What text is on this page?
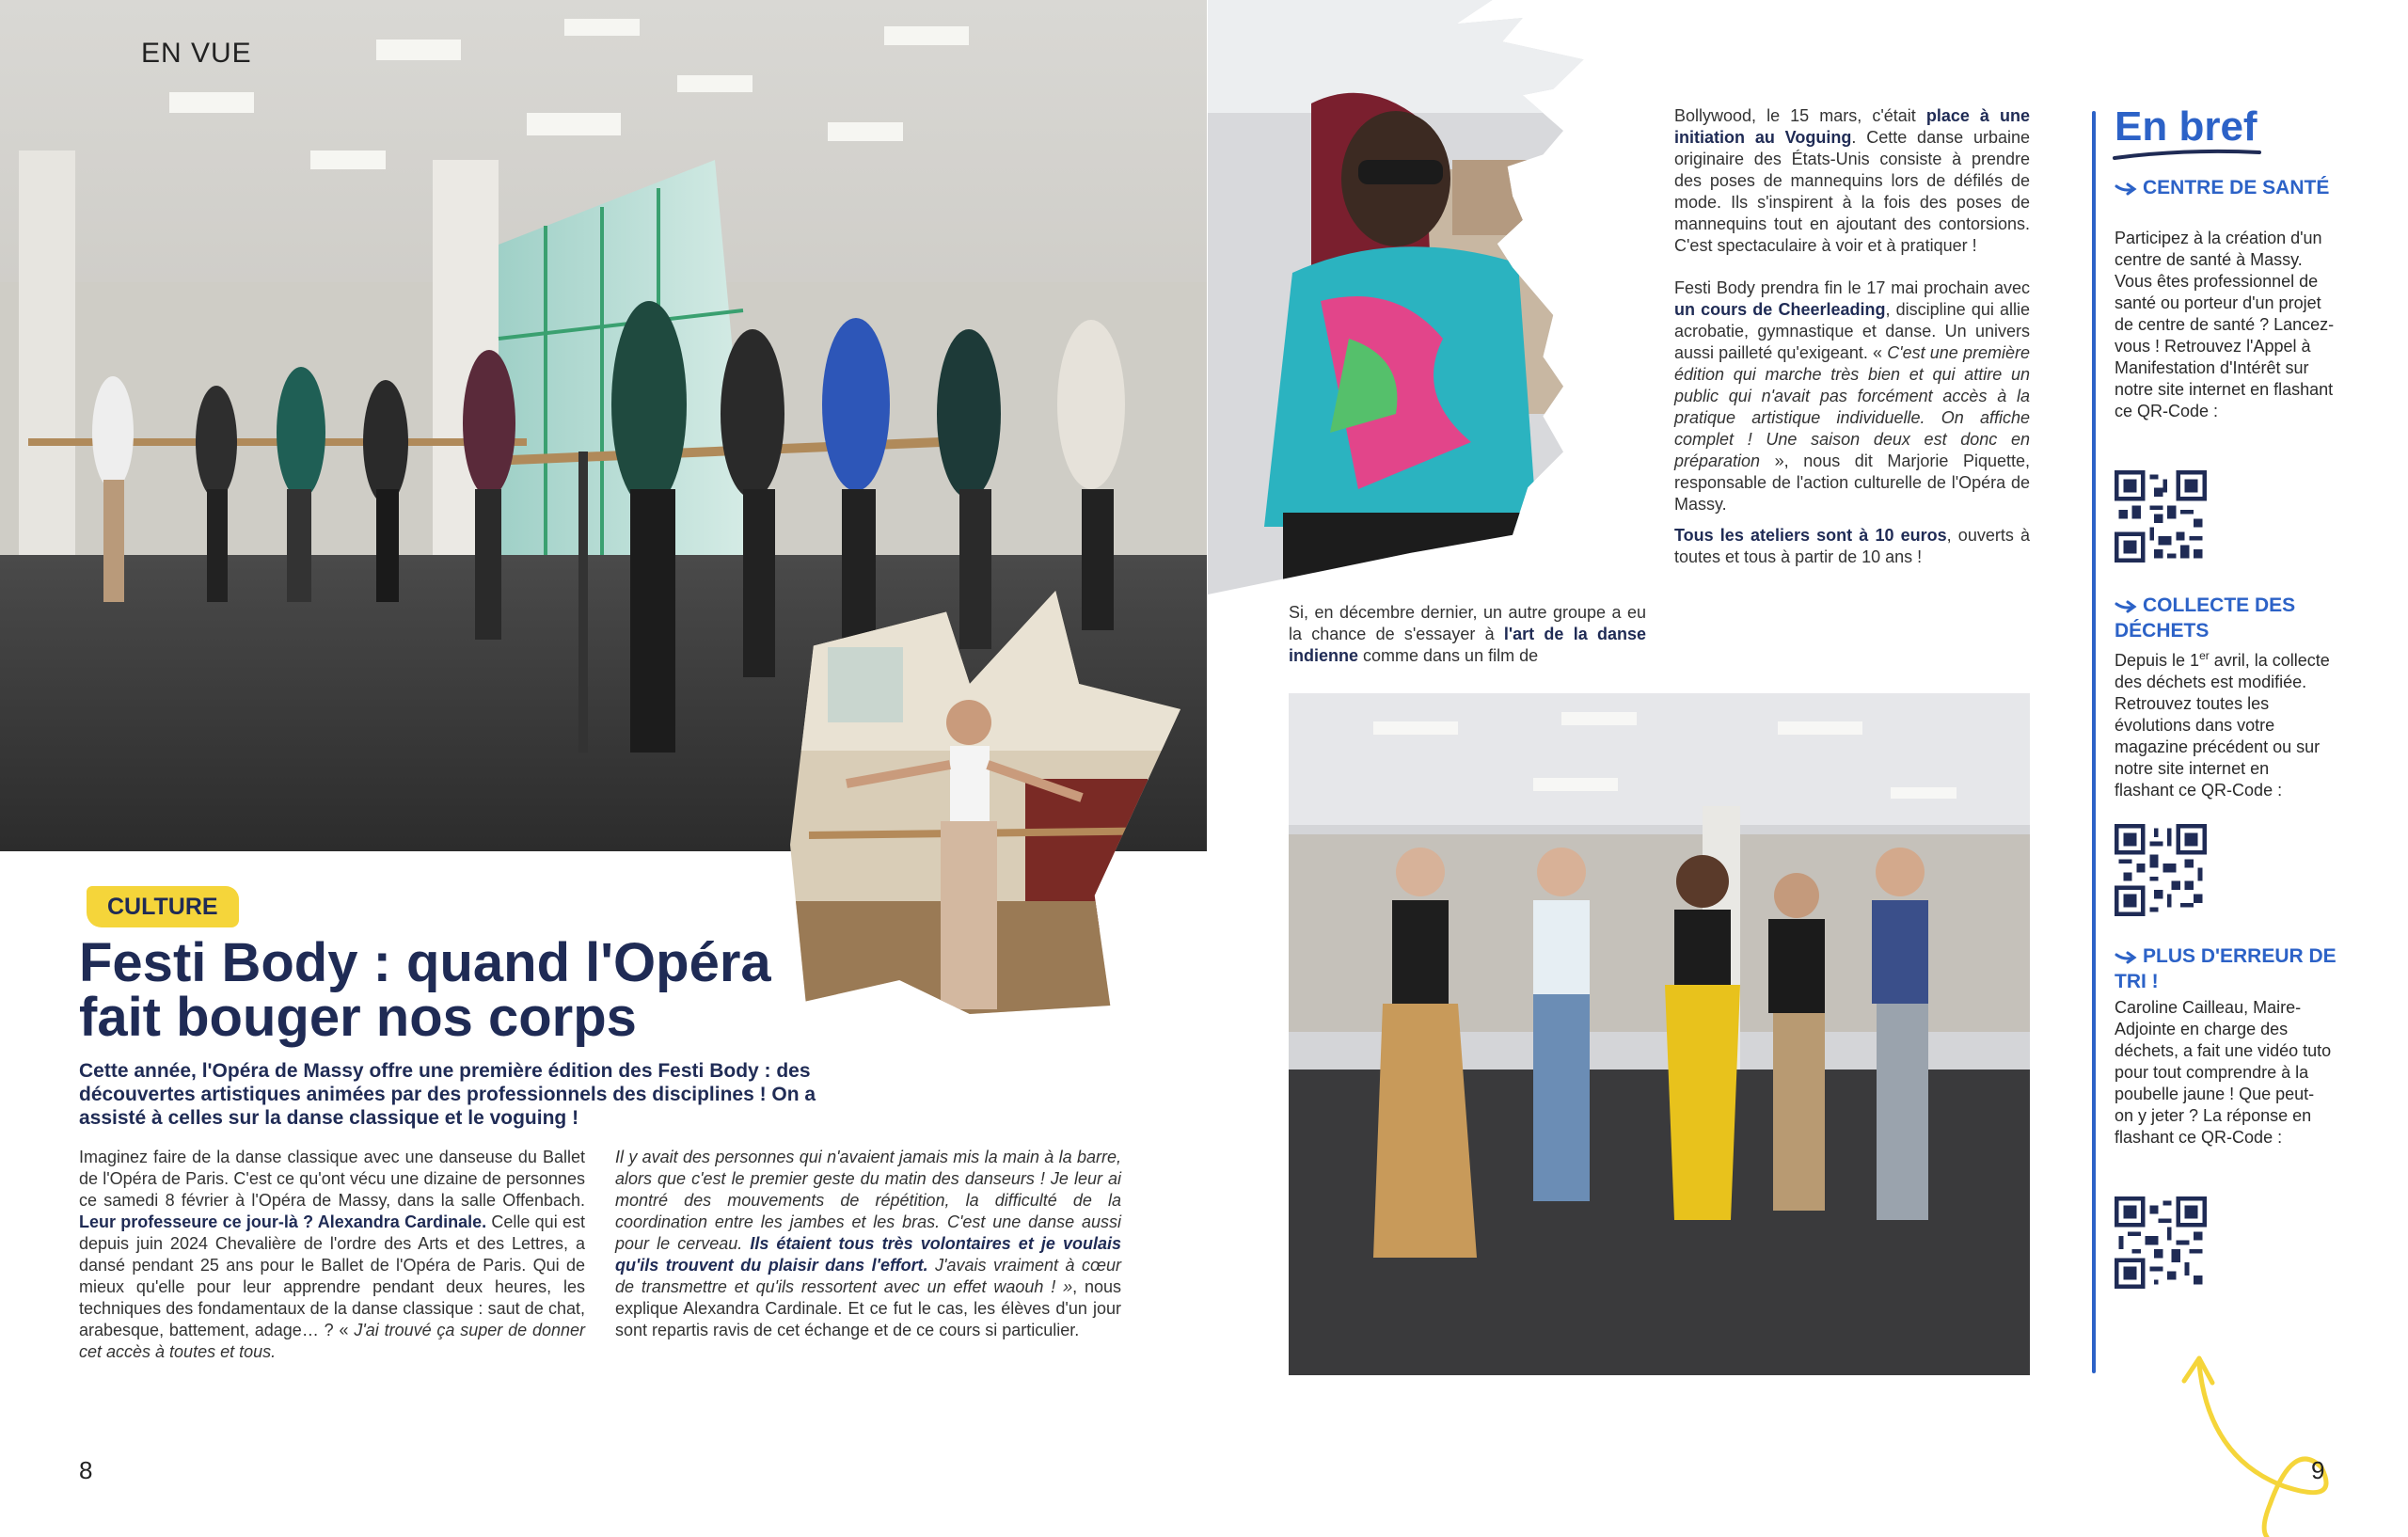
EN VUE
CULTURE
Festi Body : quand l'Opéra fait bouger nos corps

Cette année, l'Opéra de Massy offre une première édition des Festi Body : des découvertes artistiques animées par des professionnels des disciplines ! On a assisté à celles sur la danse classique et le voguing !

Imaginez faire de la danse classique avec une danseuse du Ballet de l'Opéra de Paris. C'est ce qu'ont vécu une dizaine de personnes ce samedi 8 février à l'Opéra de Massy, dans la salle Offenbach. Leur professeure ce jour-là ? Alexandra Cardinale. Celle qui est depuis juin 2024 Chevalière de l'ordre des Arts et des Lettres, a dansé pendant 25 ans pour le Ballet de l'Opéra de Paris. Qui de mieux qu'elle pour leur apprendre pendant deux heures, les techniques des fondamentaux de la danse classique : saut de chat, arabesque, battement, adage… ? « J'ai trouvé ça super de donner cet accès à toutes et tous.

Il y avait des personnes qui n'avaient jamais mis la main à la barre, alors que c'est le premier geste du matin des danseurs ! Je leur ai montré des mouvements de répétition, la difficulté de la coordination entre les jambes et les bras. C'est une danse aussi pour le cerveau. Ils étaient tous très volontaires et je voulais qu'ils trouvent du plaisir dans l'effort. J'avais vraiment à cœur de transmettre et qu'ils ressortent avec un effet waouh ! », nous explique Alexandra Cardinale. Et ce fut le cas, les élèves d'un jour sont repartis ravis de cet échange et de ce cours si particulier.

8

Si, en décembre dernier, un autre groupe a eu la chance de s'essayer à l'art de la danse indienne comme dans un film de

Bollywood, le 15 mars, c'était place à une initiation au Voguing. Cette danse urbaine originaire des États-Unis consiste à prendre des poses de mannequins lors de défilés de mode. Ils s'inspirent à la fois des poses de mannequins tout en ajoutant des contorsions. C'est spectaculaire à voir et à pratiquer !

Festi Body prendra fin le 17 mai prochain avec un cours de Cheerleading, discipline qui allie acrobatie, gymnastique et danse. Un univers aussi pailleté qu'exigeant. « C'est une première édition qui marche très bien et qui attire un public qui n'avait pas forcément accès à la pratique artistique individuelle. On affiche complet ! Une saison deux est donc en préparation », nous dit Marjorie Piquette, responsable de l'action culturelle de l'Opéra de Massy.

Tous les ateliers sont à 10 euros, ouverts à toutes et tous à partir de 10 ans !

En bref
CENTRE DE SANTÉ
Participez à la création d'un centre de santé à Massy. Vous êtes professionnel de santé ou porteur d'un projet de centre de santé ? Lancez-vous ! Retrouvez l'Appel à Manifestation d'Intérêt sur notre site internet en flashant ce QR-Code :
COLLECTE DES DÉCHETS
Depuis le 1er avril, la collecte des déchets est modifiée. Retrouvez toutes les évolutions dans votre magazine précédent ou sur notre site internet en flashant ce QR-Code :
PLUS D'ERREUR DE TRI !
Caroline Cailleau, Maire-Adjointe en charge des déchets, a fait une vidéo tuto pour tout comprendre à la poubelle jaune ! Que peut-on y jeter ? La réponse en flashant ce QR-Code :
9
